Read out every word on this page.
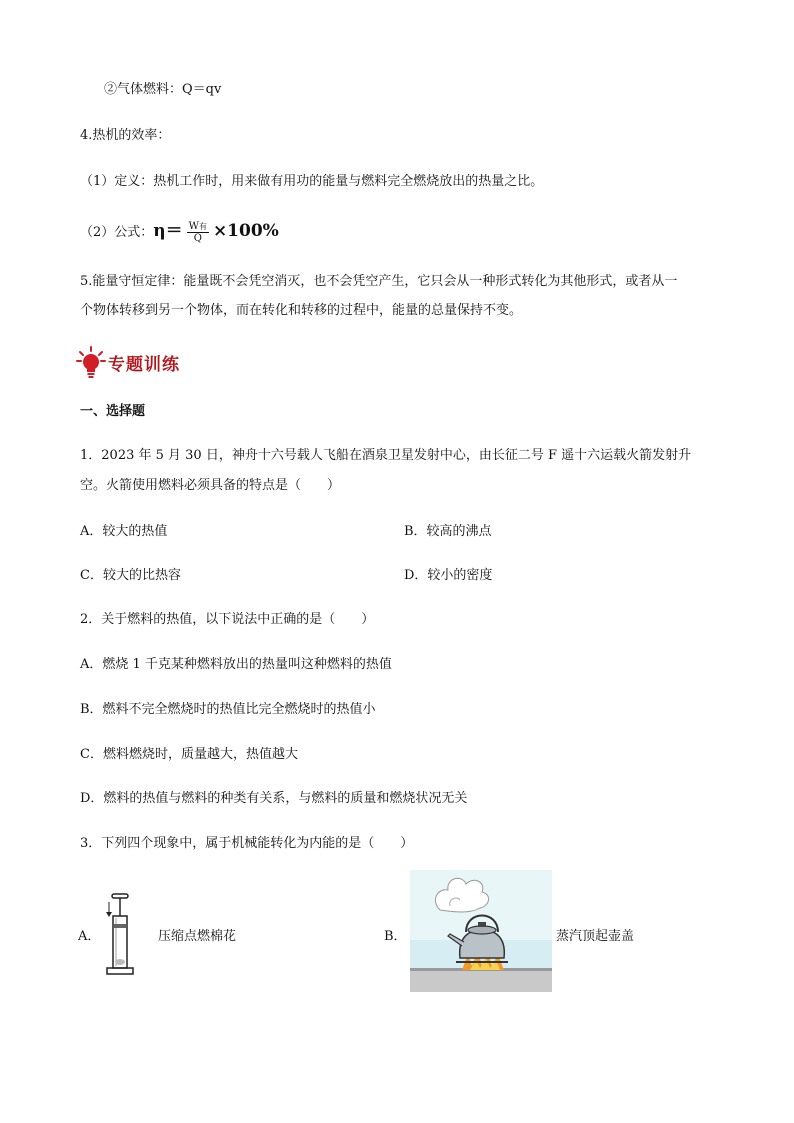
②气体燃料：Q＝qv
4.热机的效率：
（1）定义：热机工作时，用来做有用功的能量与燃料完全燃烧放出的热量之比。
（2）公式：$\eta= \frac{\text{W有}}{Q} \times 100\%$
5.能量守恒定律：能量既不会凭空消灭，也不会凭空产生，它只会从一种形式转化为其他形式，或者从一
个物体转移到另一个物体，而在转化和转移的过程中，能量的总量保持不变。
专题训练
一、选择题
1．2023 年 5 月 30 日，神舟十六号载人飞船在酒泉卫星发射中心，由长征二号 F 遥十六运载火箭发射升
空。火箭使用燃料必须具备的特点是（　　）
A．较大的热值	B．较高的沸点
C．较大的比热容	D．较小的密度
2．关于燃料的热值，以下说法中正确的是（　　）
A．燃烧 1 千克某种燃料放出的热量叫这种燃料的热值
B．燃料不完全燃烧时的热值比完全燃烧时的热值小
C．燃料燃烧时，质量越大，热值越大
D．燃料的热值与燃料的种类有关系，与燃料的质量和燃烧状况无关
3．下列四个现象中，属于机械能转化为内能的是（　　）
A．	压缩点燃棉花	B．	蒸汽顶起壶盖
